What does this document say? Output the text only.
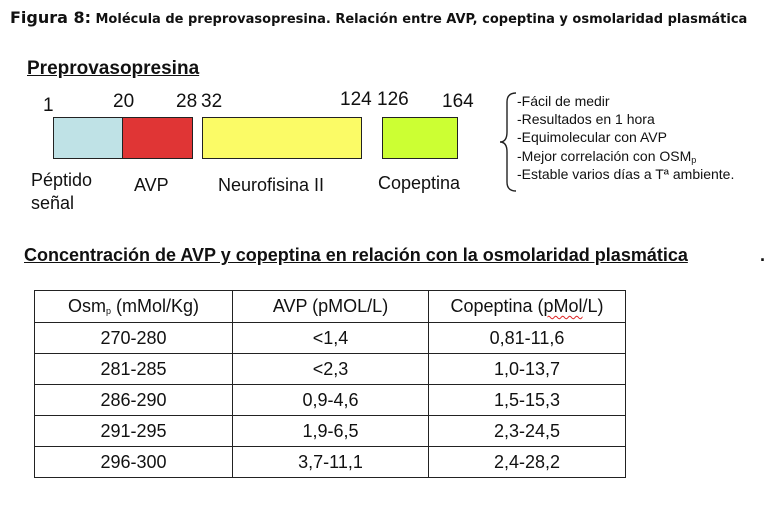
Figura 8: Molécula de preprovasopresina. Relación entre AVP, copeptina y osmolaridad plasmática
Preprovasopresina
1	20 28 32	124 126 164
Péptido
señal
AVP	Neurofisina II	Copeptina
-Fácil de medir
-Resultados en 1 hora
-Equimolecular con AVP
-Mejor correlación con $OSM_p$
-Estable varios días a Tª ambiente.
Concentración de AVP y copeptina en relación con la osmolaridad plasmática	.
Osm$_p$ (mMol/Kg)	AVP (pMOL/L)	Copeptina (pMol/L)
270-280	<1,4	0,81-11,6
281-285	<2,3	1,0-13,7
286-290	0,9-4,6	1,5-15,3
291-295	1,9-6,5	2,3-24,5
296-300	3,7-11,1	2,4-28,2
